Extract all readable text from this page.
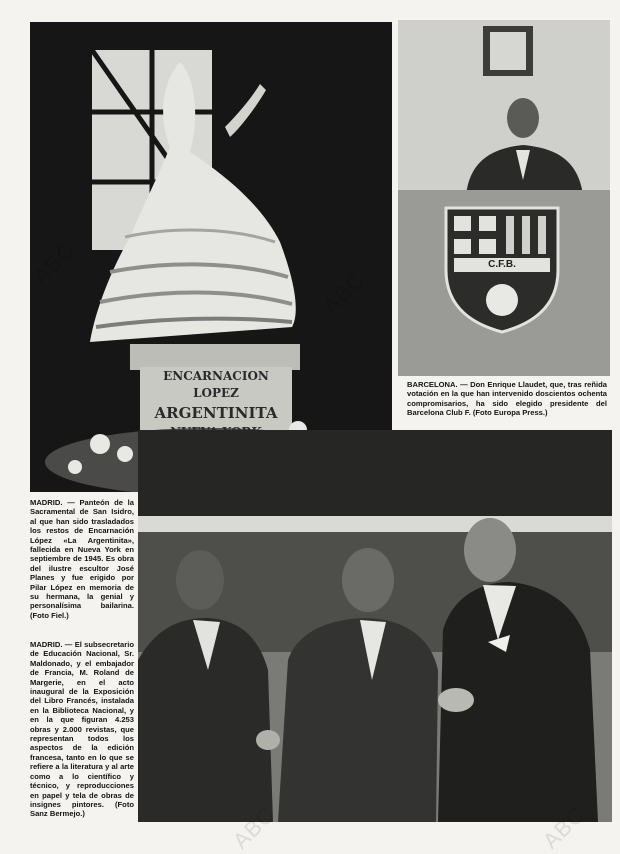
ENCARNACION LOPEZ
ARGENTINITA
C.F.B.

BARCELONA. — Don Enrique Llaudet, que, tras reñida votación en la que han intervenido doscientos ochenta compromisarios, ha sido elegido presidente del Barcelona Club F. (Foto Europa Press.)

MADRID. — Panteón de la Sacramental de San Isidro, al que han sido trasladados los restos de Encarnación López «La Argentinita», fallecida en Nueva York en septiembre de 1945. Es obra del ilustre escultor José Planes y fue erigido por Pilar López en memoria de su hermana, la genial y personalísima bailarina. (Foto Fiel.)

MADRID. — El subsecretario de Educación Nacional, Sr. Maldonado, y el embajador de Francia, M. Roland de Margerie, en el acto inaugural de la Exposición del Libro Francés, instalada en la Biblioteca Nacional, y en la que figuran 4.253 obras y 2.000 revistas, que representan todos los aspectos de la edición francesa, tanto en lo que se refiere a la literatura y al arte como a lo científico y técnico, y reproducciones en papel y tela de obras de insignes pintores. (Foto Sanz Bermejo.)	ABC	ABC
